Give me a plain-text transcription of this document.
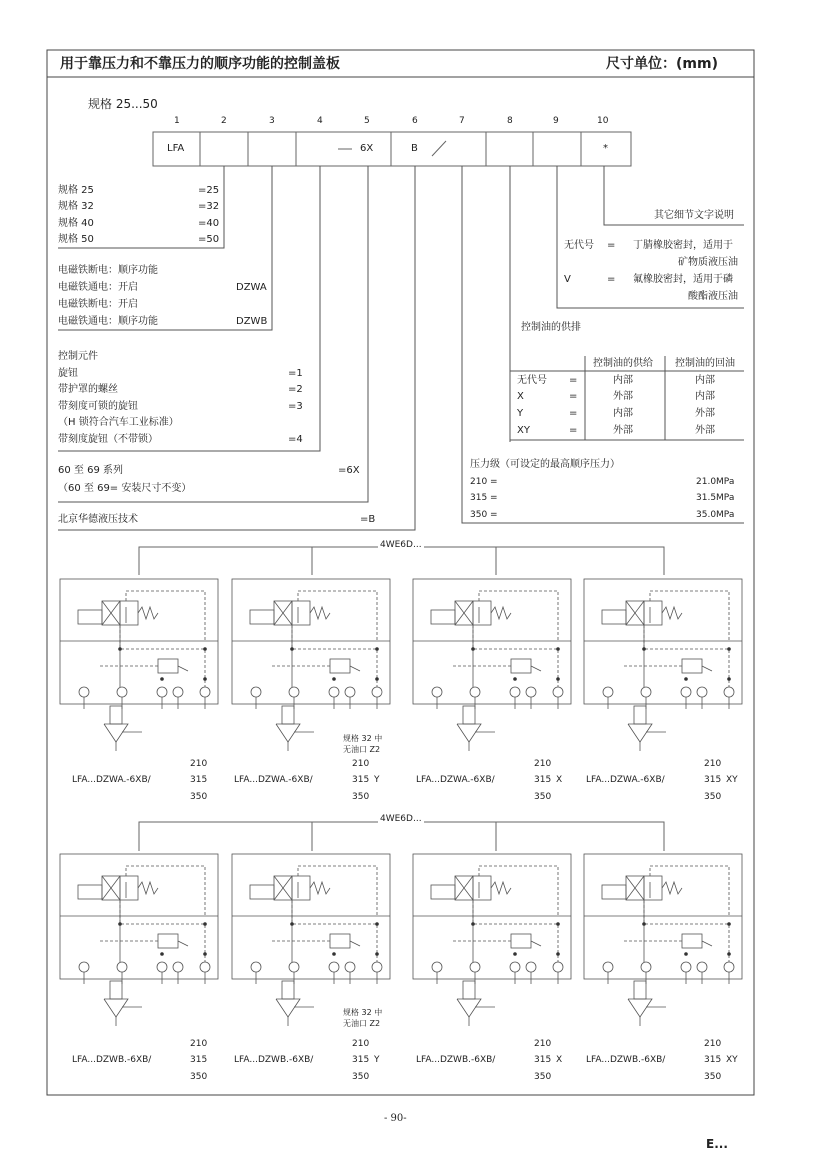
用于靠压力和不靠压力的顺序功能的控制盖板	尺寸单位：(mm)
规格 25...50
1	2	3	4	5	6	7	8	9	10
LFA	6X	B	*
规格 25	=25
规格 32	=32
规格 40	=40
规格 50	=50
电磁铁断电：顺序功能
电磁铁通电：开启	DZWA
电磁铁断电：开启
电磁铁通电：顺序功能	DZWB
控制元件
旋钮	=1
带护罩的螺丝	=2
带刻度可锁的旋钮	=3
（H 锁符合汽车工业标准）
带刻度旋钮（不带锁）	=4
60 至 69 系列	=6X
（60 至 69= 安装尺寸不变）
北京华德液压技术	=B
其它细节文字说明
无代号 = 丁腈橡胶密封，适用于
矿物质液压油
V	= 氟橡胶密封，适用于磷
酸酯液压油
控制油的供排
控制油的供给 控制油的回油
无代号 =	内部	内部
X	=	外部	内部
Y	=	内部	外部
XY	=	外部	外部
压力级（可设定的最高顺序压力）
210 =	21.0MPa
315 =	31.5MPa
350 =	35.0MPa
4WE6D...
4WE6D...
规格 32 中
无油口 Z2
规格 32 中
无油口 Z2
LFA...DZWA.-6XB/	LFA...DZWA.-6XB/	LFA...DZWA.-6XB/	LFA...DZWA.-6XB/
210
315
350
210
315 Y
350
210
315 X
350
210
315 XY
350
LFA...DZWB.-6XB/	LFA...DZWB.-6XB/	LFA...DZWB.-6XB/	LFA...DZWB.-6XB/
210
315
350
210
315 Y
350
210
315 X
350
210
315 XY
350
- 90-
E...
